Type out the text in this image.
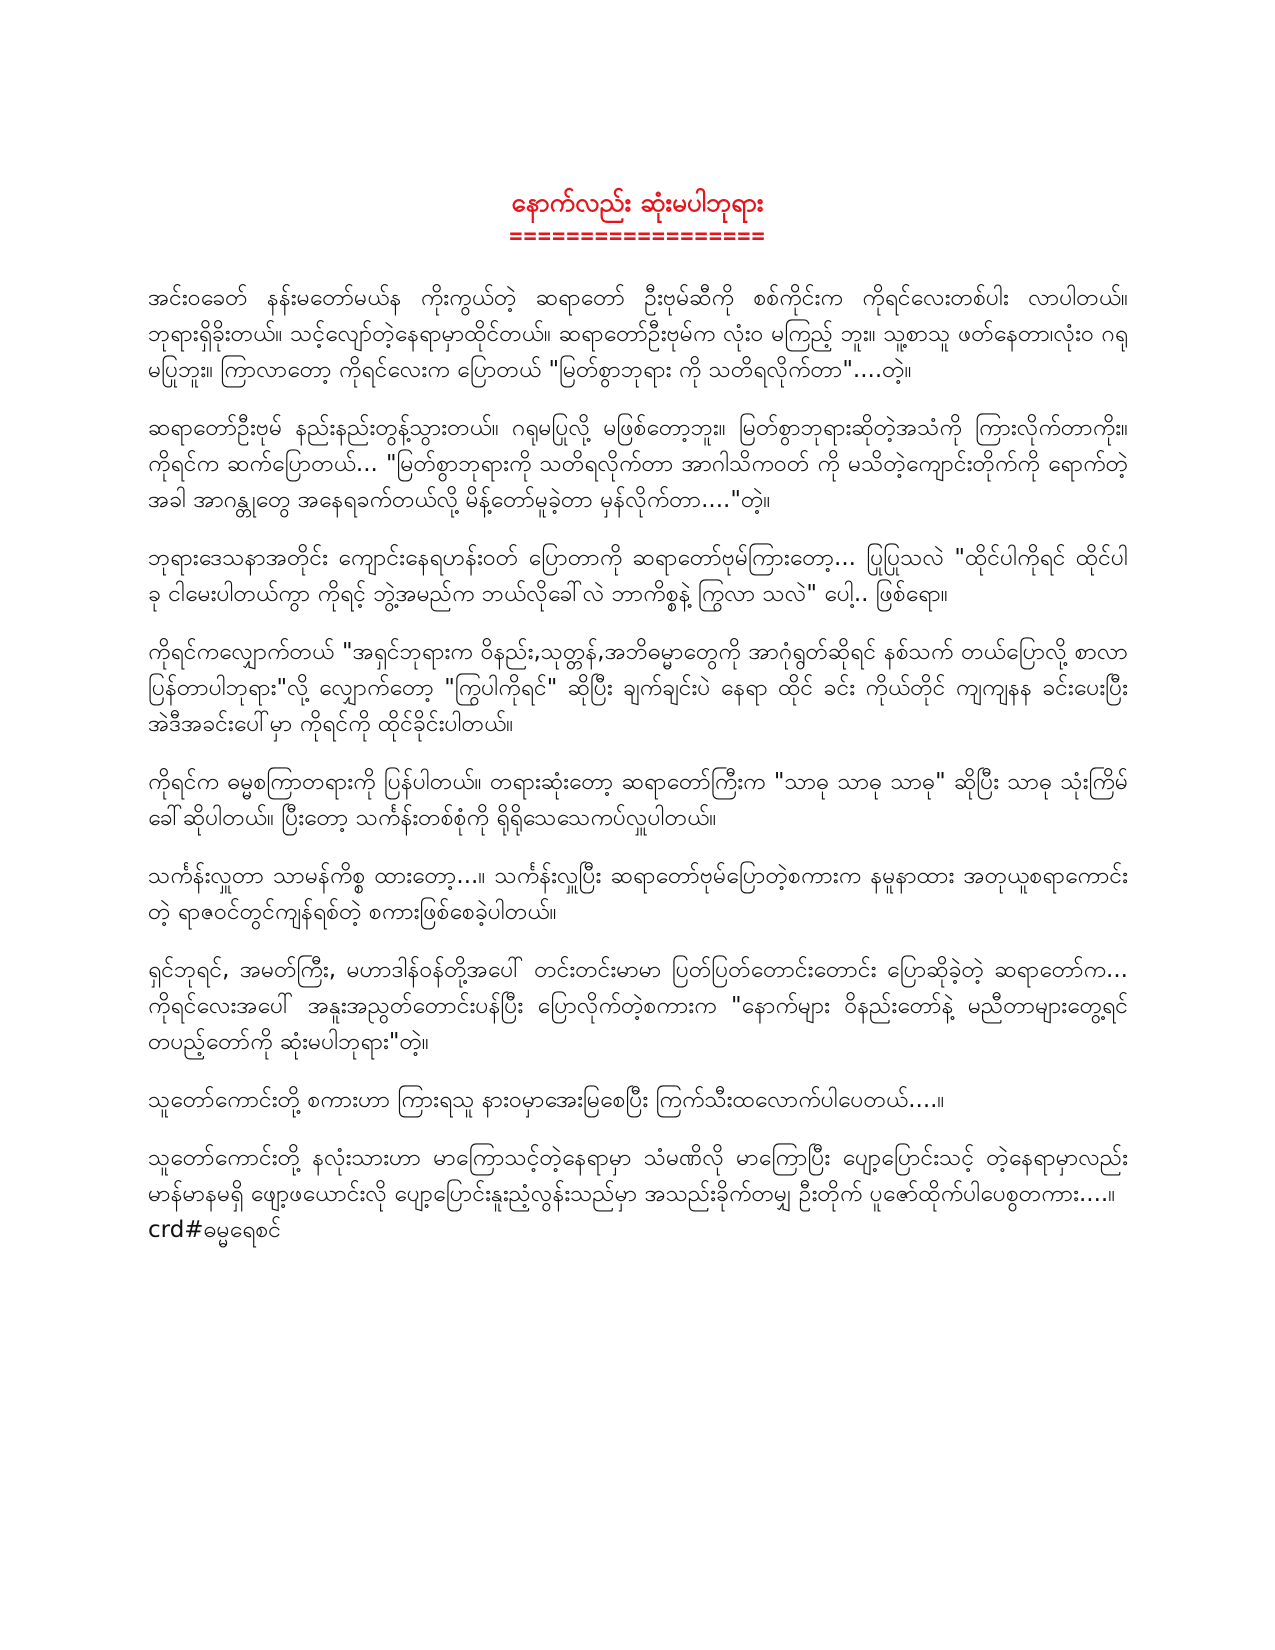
နောက်လည်း ဆုံးမပါဘုရား
==================

အင်းဝခေတ် နန်းမတော်မယ်န ကိုးကွယ်တဲ့ ဆရာတော် ဦးဗုမ်ဆီကို စစ်ကိုင်းက ကိုရင်လေးတစ်ပါး လာပါတယ်။ ဘုရားရှိခိုးတယ်။ သင့်လျော်တဲ့နေရာမှာထိုင်တယ်။ ဆရာတော်ဦးဗုမ်က လုံးဝ မကြည့် ဘူး။ သူ့စာသူ ဖတ်နေတာ၊လုံးဝ ဂရုမပြုဘူး။ ကြာလာတော့ ကိုရင်လေးက ပြောတယ် "မြတ်စွာဘုရား ကို သတိရလိုက်တာ"....တဲ့။

ဆရာတော်ဦးဗုမ် နည်းနည်းတွန့်သွားတယ်။ ဂရုမပြုလို့ မဖြစ်တော့ဘူး။ မြတ်စွာဘုရားဆိုတဲ့အသံကို ကြားလိုက်တာကိုး။ ကိုရင်က ဆက်ပြောတယ်... "မြတ်စွာဘုရားကို သတိရလိုက်တာ အာဂါသိကဝတ် ကို မသိတဲ့ကျောင်းတိုက်ကို ရောက်တဲ့အခါ အာဂန္တုတွေ အနေရခက်တယ်လို့ မိန့်တော်မူခဲ့တာ မှန်လိုက်တာ...."တဲ့။

ဘုရားဒေသနာအတိုင်း ကျောင်းနေရဟန်းဝတ် ပြောတာကို ဆရာတော်ဗုမ်ကြားတော့... ပြုပြုသလဲ "ထိုင်ပါကိုရင် ထိုင်ပါ ခု ငါမေးပါတယ်ကွာ ကိုရင့် ဘွဲ့အမည်က ဘယ်လိုခေါ်လဲ ဘာကိစ္စနဲ့ ကြွလာ သလဲ" ပေါ့.. ဖြစ်ရော။

ကိုရင်ကလျှောက်တယ် "အရှင်ဘုရားက ဝိနည်း,သုတ္တန်,အဘိဓမ္မာတွေကို အာဂုံရွတ်ဆိုရင် နစ်သက် တယ်ပြောလို့ စာလာပြန်တာပါဘုရား"လို့ လျှောက်တော့ "ကြွပါကိုရင်" ဆိုပြီး ချက်ချင်းပဲ နေရာ ထိုင် ခင်း ကိုယ်တိုင် ကျကျနန ခင်းပေးပြီး အဲဒီအခင်းပေါ်မှာ ကိုရင်ကို ထိုင်ခိုင်းပါတယ်။

ကိုရင်က ဓမ္မစကြာတရားကို ပြန်ပါတယ်။ တရားဆုံးတော့ ဆရာတော်ကြီးက "သာဓု သာဓု သာဓု" ဆိုပြီး သာဓု သုံးကြိမ် ခေါ်ဆိုပါတယ်။ ပြီးတော့ သင်္ကန်းတစ်စုံကို ရိုရိုသေသေကပ်လှူပါတယ်။

သင်္ကန်းလှူတာ သာမန်ကိစ္စ ထားတော့...။ သင်္ကန်းလှူပြီး ဆရာတော်ဗုမ်ပြောတဲ့စကားက နမူနာထား အတုယူစရာကောင်းတဲ့ ရာဇဝင်တွင်ကျန်ရစ်တဲ့ စကားဖြစ်စေခဲ့ပါတယ်။

ရှင်ဘုရင်, အမတ်ကြီး, မဟာဒါန်ဝန်တို့အပေါ် တင်းတင်းမာမာ ပြတ်ပြတ်တောင်းတောင်း ပြောဆိုခဲ့တဲ့ ဆရာတော်က... ကိုရင်လေးအပေါ် အနူးအညွတ်တောင်းပန်ပြီး ပြောလိုက်တဲ့စကားက "နောက်များ ဝိနည်းတော်နဲ့ မညီတာများတွေ့ရင် တပည့်တော်ကို ဆုံးမပါဘုရား"တဲ့။

သူတော်ကောင်းတို့ စကားဟာ ကြားရသူ နားဝမှာအေးမြစေပြီး ကြက်သီးထလောက်ပါပေတယ်....။

သူတော်ကောင်းတို့ နလုံးသားဟာ မာကြောသင့်တဲ့နေရာမှာ သံမဏိလို မာကြောပြီး ပျော့ပြောင်းသင့် တဲ့နေရာမှာလည်း မာန်မာနမရှိ ဖျော့ဖယောင်းလို ပျော့ပြောင်းနူးညံ့လွန်းသည်မှာ အသည်းခိုက်တမျှ ဦးတိုက် ပူဇော်ထိုက်ပါပေစွတကား....။

crd#ဓမ္မရေစင်
